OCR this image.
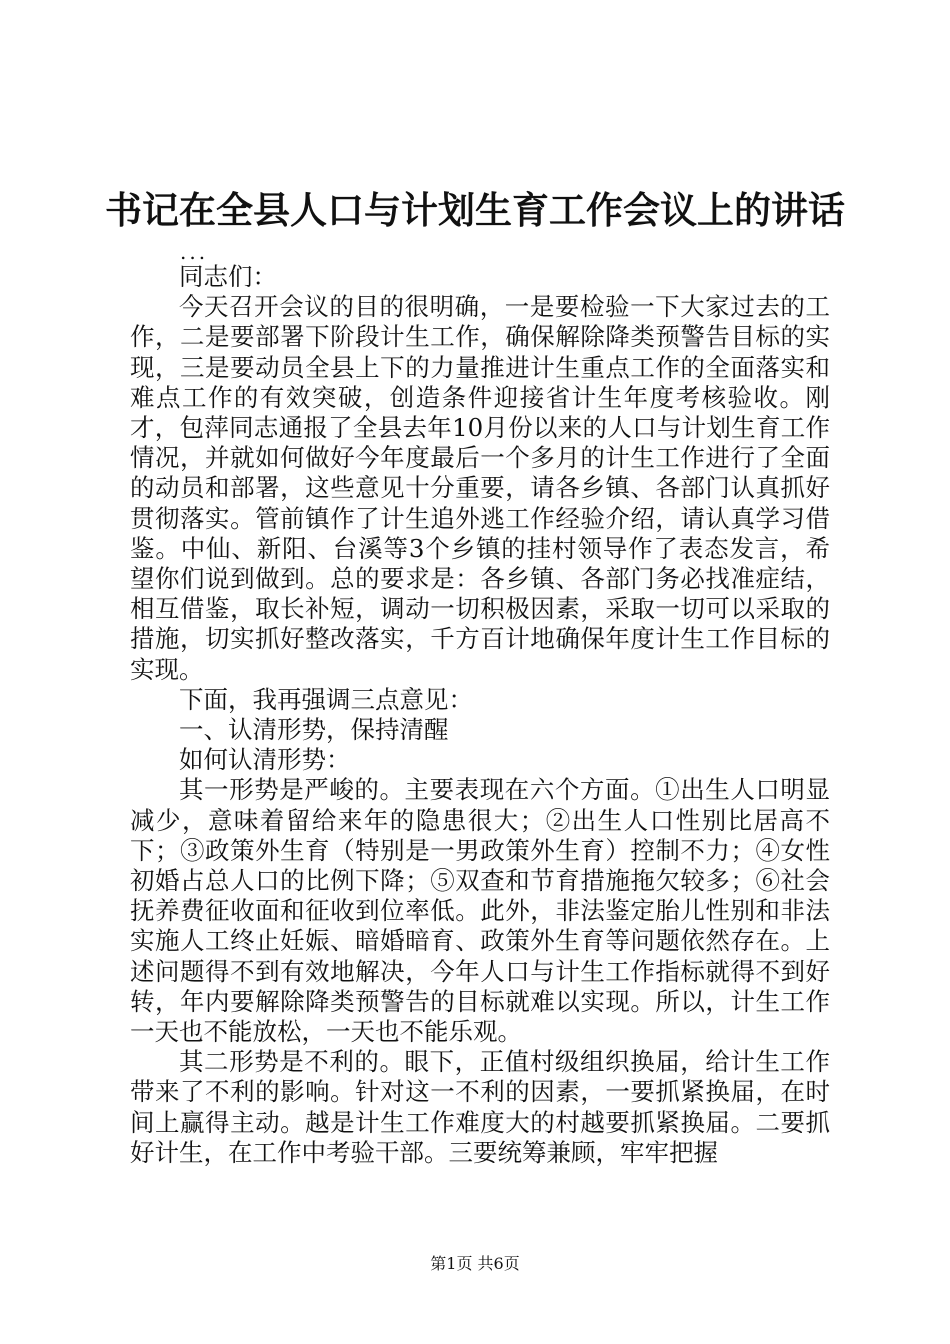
书记在全县人口与计划生育工作会议上的讲话
...

同志们：

今天召开会议的目的很明确，一是要检验一下大家过去的工作，二是要部署下阶段计生工作，确保解除降类预警告目标的实现，三是要动员全县上下的力量推进计生重点工作的全面落实和难点工作的有效突破，创造条件迎接省计生年度考核验收。刚才，包萍同志通报了全县去年10月份以来的人口与计划生育工作情况，并就如何做好今年度最后一个多月的计生工作进行了全面的动员和部署，这些意见十分重要，请各乡镇、各部门认真抓好贯彻落实。管前镇作了计生追外逃工作经验介绍，请认真学习借鉴。中仙、新阳、台溪等3个乡镇的挂村领导作了表态发言，希望你们说到做到。总的要求是：各乡镇、各部门务必找准症结，相互借鉴，取长补短，调动一切积极因素，采取一切可以采取的措施，切实抓好整改落实，千方百计地确保年度计生工作目标的实现。

下面，我再强调三点意见：

一、认清形势，保持清醒

如何认清形势：

其一形势是严峻的。主要表现在六个方面。①出生人口明显减少，意味着留给来年的隐患很大；②出生人口性别比居高不下；③政策外生育（特别是一男政策外生育）控制不力；④女性初婚占总人口的比例下降；⑤双查和节育措施拖欠较多；⑥社会抚养费征收面和征收到位率低。此外，非法鉴定胎儿性别和非法实施人工终止妊娠、暗婚暗育、政策外生育等问题依然存在。上述问题得不到有效地解决，今年人口与计生工作指标就得不到好转，年内要解除降类预警告的目标就难以实现。所以，计生工作一天也不能放松，一天也不能乐观。

其二形势是不利的。眼下，正值村级组织换届，给计生工作带来了不利的影响。针对这一不利的因素，一要抓紧换届，在时间上赢得主动。越是计生工作难度大的村越要抓紧换届。二要抓好计生，在工作中考验干部。三要统筹兼顾，牢牢把握

第1页 共6页
